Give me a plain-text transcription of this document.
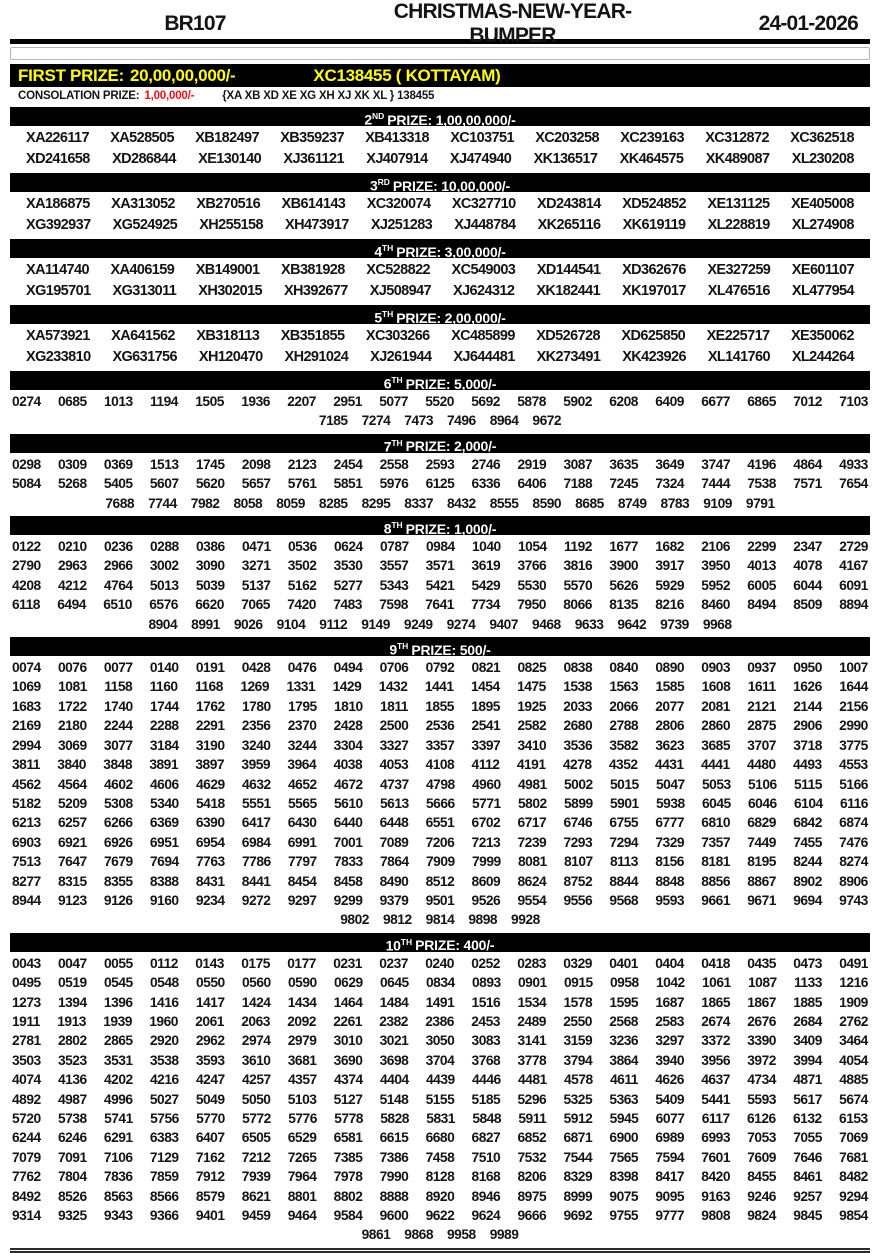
BR107
CHRISTMAS-NEW-YEAR-BUMPER
24-01-2026
FIRST PRIZE: 20,00,00,000/-	XC138455 ( KOTTAYAM)
CONSOLATION PRIZE: 1,00,000/- {XA XB XD XE XG XH XJ XK XL } 138455
2ND PRIZE: 1,00,00,000/-
XA226117 XA528505 XB182497 XB359237 XB413318 XC103751 XC203258 XC239163 XC312872 XC362518
XD241658 XD286844 XE130140 XJ361121 XJ407914 XJ474940 XK136517 XK464575 XK489087 XL230208
3RD PRIZE: 10,00,000/-
XA186875 XA313052 XB270516 XB614143 XC320074 XC327710 XD243814 XD524852 XE131125 XE405008
XG392937 XG524925 XH255158 XH473917 XJ251283 XJ448784 XK265116 XK619119 XL228819 XL274908
4TH PRIZE: 3,00,000/-
XA114740 XA406159 XB149001 XB381928 XC528822 XC549003 XD144541 XD362676 XE327259 XE601107
XG195701 XG313011 XH302015 XH392677 XJ508947 XJ624312 XK182441 XK197017 XL476516 XL477954
5TH PRIZE: 2,00,000/-
XA573921 XA641562 XB318113 XB351855 XC303266 XC485899 XD526728 XD625850 XE225717 XE350062
XG233810 XG631756 XH120470 XH291024 XJ261944 XJ644481 XK273491 XK423926 XL141760 XL244264
6TH PRIZE: 5,000/-
0274 0685 1013 1194 1505 1936 2207 2951 5077 5520 5692 5878 5902 6208 6409 6677 6865 7012 7103
7185 7274 7473 7496 8964 9672
7TH PRIZE: 2,000/-
0298 0309 0369 1513 1745 2098 2123 2454 2558 2593 2746 2919 3087 3635 3649 3747 4196 4864 4933
5084 5268 5405 5607 5620 5657 5761 5851 5976 6125 6336 6406 7188 7245 7324 7444 7538 7571 7654
7688 7744 7982 8058 8059 8285 8295 8337 8432 8555 8590 8685 8749 8783 9109 9791
8TH PRIZE: 1,000/-
0122 0210 0236 0288 0386 0471 0536 0624 0787 0984 1040 1054 1192 1677 1682 2106 2299 2347 2729
2790 2963 2966 3002 3090 3271 3502 3530 3557 3571 3619 3766 3816 3900 3917 3950 4013 4078 4167
4208 4212 4764 5013 5039 5137 5162 5277 5343 5421 5429 5530 5570 5626 5929 5952 6005 6044 6091
6118 6494 6510 6576 6620 7065 7420 7483 7598 7641 7734 7950 8066 8135 8216 8460 8494 8509 8894
8904 8991 9026 9104 9112 9149 9249 9274 9407 9468 9633 9642 9739 9968
9TH PRIZE: 500/-
0074 0076 0077 0140 0191 0428 0476 0494 0706 0792 0821 0825 0838 0840 0890 0903 0937 0950 1007
1069 1081 1158 1160 1168 1269 1331 1429 1432 1441 1454 1475 1538 1563 1585 1608 1611 1626 1644
1683 1722 1740 1744 1762 1780 1795 1810 1811 1855 1895 1925 2033 2066 2077 2081 2121 2144 2156
2169 2180 2244 2288 2291 2356 2370 2428 2500 2536 2541 2582 2680 2788 2806 2860 2875 2906 2990
2994 3069 3077 3184 3190 3240 3244 3304 3327 3357 3397 3410 3536 3582 3623 3685 3707 3718 3775
3811 3840 3848 3891 3897 3959 3964 4038 4053 4108 4112 4191 4278 4352 4431 4441 4480 4493 4553
4562 4564 4602 4606 4629 4632 4652 4672 4737 4798 4960 4981 5002 5015 5047 5053 5106 5115 5166
5182 5209 5308 5340 5418 5551 5565 5610 5613 5666 5771 5802 5899 5901 5938 6045 6046 6104 6116
6213 6257 6266 6369 6390 6417 6430 6440 6448 6551 6702 6717 6746 6755 6777 6810 6829 6842 6874
6903 6921 6926 6951 6954 6984 6991 7001 7089 7206 7213 7239 7293 7294 7329 7357 7449 7455 7476
7513 7647 7679 7694 7763 7786 7797 7833 7864 7909 7999 8081 8107 8113 8156 8181 8195 8244 8274
8277 8315 8355 8388 8431 8441 8454 8458 8490 8512 8609 8624 8752 8844 8848 8856 8867 8902 8906
8944 9123 9126 9160 9234 9272 9297 9299 9379 9501 9526 9554 9556 9568 9593 9661 9671 9694 9743
9802 9812 9814 9898 9928
10TH PRIZE: 400/-
0043 0047 0055 0112 0143 0175 0177 0231 0237 0240 0252 0283 0329 0401 0404 0418 0435 0473 0491
0495 0519 0545 0548 0550 0560 0590 0629 0645 0834 0893 0901 0915 0958 1042 1061 1087 1133 1216
1273 1394 1396 1416 1417 1424 1434 1464 1484 1491 1516 1534 1578 1595 1687 1865 1867 1885 1909
1911 1913 1939 1960 2061 2063 2092 2261 2382 2386 2453 2489 2550 2568 2583 2674 2676 2684 2762
2781 2802 2865 2920 2962 2974 2979 3010 3021 3050 3083 3141 3159 3236 3297 3372 3390 3409 3464
3503 3523 3531 3538 3593 3610 3681 3690 3698 3704 3768 3778 3794 3864 3940 3956 3972 3994 4054
4074 4136 4202 4216 4247 4257 4357 4374 4404 4439 4446 4481 4578 4611 4626 4637 4734 4871 4885
4892 4987 4996 5027 5049 5050 5103 5127 5148 5155 5185 5296 5325 5363 5409 5441 5593 5617 5674
5720 5738 5741 5756 5770 5772 5776 5778 5828 5831 5848 5911 5912 5945 6077 6117 6126 6132 6153
6244 6246 6291 6383 6407 6505 6529 6581 6615 6680 6827 6852 6871 6900 6989 6993 7053 7055 7069
7079 7091 7106 7129 7162 7212 7265 7385 7386 7458 7510 7532 7544 7565 7594 7601 7609 7646 7681
7762 7804 7836 7859 7912 7939 7964 7978 7990 8128 8168 8206 8329 8398 8417 8420 8455 8461 8482
8492 8526 8563 8566 8579 8621 8801 8802 8888 8920 8946 8975 8999 9075 9095 9163 9246 9257 9294
9314 9325 9343 9366 9401 9459 9464 9584 9600 9622 9624 9666 9692 9755 9777 9808 9824 9845 9854
9861 9868 9958 9989
